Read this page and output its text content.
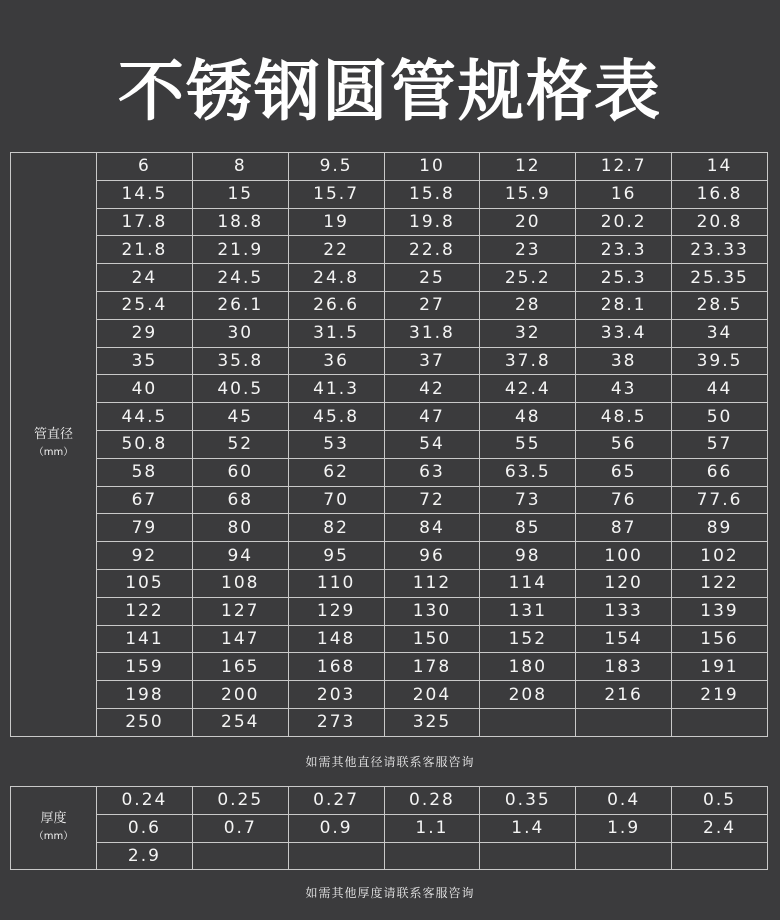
不锈钢圆管规格表
管直径
（mm）	6	8	9.5	10	12	12.7	14
	14.5	15	15.7	15.8	15.9	16	16.8
	17.8	18.8	19	19.8	20	20.2	20.8
	21.8	21.9	22	22.8	23	23.3	23.33
	24	24.5	24.8	25	25.2	25.3	25.35
	25.4	26.1	26.6	27	28	28.1	28.5
	29	30	31.5	31.8	32	33.4	34
	35	35.8	36	37	37.8	38	39.5
	40	40.5	41.3	42	42.4	43	44
	44.5	45	45.8	47	48	48.5	50
	50.8	52	53	54	55	56	57
	58	60	62	63	63.5	65	66
	67	68	70	72	73	76	77.6
	79	80	82	84	85	87	89
	92	94	95	96	98	100	102
	105	108	110	112	114	120	122
	122	127	129	130	131	133	139
	141	147	148	150	152	154	156
	159	165	168	178	180	183	191
	198	200	203	204	208	216	219
	250	254	273	325			
如需其他直径请联系客服咨询
厚度
（mm）	0.24	0.25	0.27	0.28	0.35	0.4	0.5
	0.6	0.7	0.9	1.1	1.4	1.9	2.4
	2.9						
如需其他厚度请联系客服咨询
